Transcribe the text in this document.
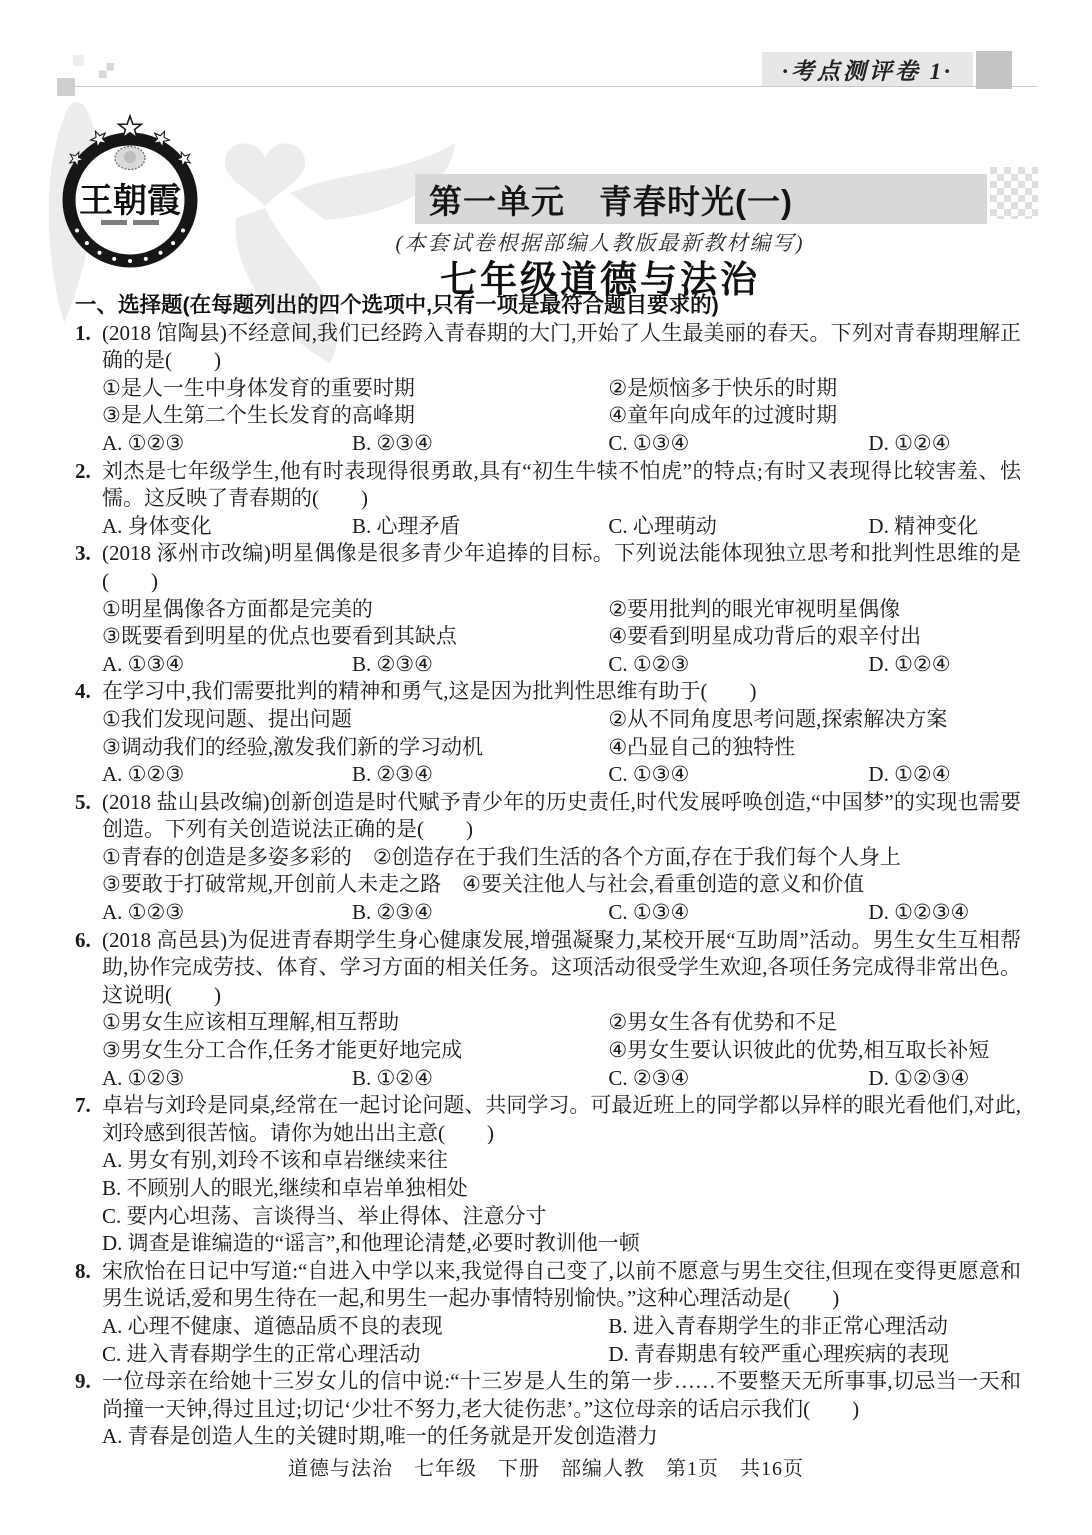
·考点测评卷 1·
王朝霞	第一单元　青春时光(一)
(本套试卷根据部编人教版最新教材编写)
七年级道德与法治
一、选择题(在每题列出的四个选项中,只有一项是最符合题目要求的)
1. (2018 馆陶县)不经意间,我们已经跨入青春期的大门,开始了人生最美丽的春天。下列对青春期理解正确的是(　　)
①是人一生中身体发育的重要时期	②是烦恼多于快乐的时期
③是人生第二个生长发育的高峰期	④童年向成年的过渡时期
A. ①②③	B. ②③④	C. ①③④	D. ①②④
2. 刘杰是七年级学生,他有时表现得很勇敢,具有“初生牛犊不怕虎”的特点;有时又表现得比较害羞、怯懦。这反映了青春期的(　　)
A. 身体变化	B. 心理矛盾	C. 心理萌动	D. 精神变化
3. (2018 涿州市改编)明星偶像是很多青少年追捧的目标。下列说法能体现独立思考和批判性思维的是(　　)
①明星偶像各方面都是完美的	②要用批判的眼光审视明星偶像
③既要看到明星的优点也要看到其缺点	④要看到明星成功背后的艰辛付出
A. ①③④	B. ②③④	C. ①②③	D. ①②④
4. 在学习中,我们需要批判的精神和勇气,这是因为批判性思维有助于(　　)
①我们发现问题、提出问题	②从不同角度思考问题,探索解决方案
③调动我们的经验,激发我们新的学习动机	④凸显自己的独特性
A. ①②③	B. ②③④	C. ①③④	D. ①②④
5. (2018 盐山县改编)创新创造是时代赋予青少年的历史责任,时代发展呼唤创造,“中国梦”的实现也需要创造。下列有关创造说法正确的是(　　)
①青春的创造是多姿多彩的　②创造存在于我们生活的各个方面,存在于我们每个人身上
③要敢于打破常规,开创前人未走之路　④要关注他人与社会,看重创造的意义和价值
A. ①②③	B. ②③④	C. ①③④	D. ①②③④
6. (2018 高邑县)为促进青春期学生身心健康发展,增强凝聚力,某校开展“互助周”活动。男生女生互相帮助,协作完成劳技、体育、学习方面的相关任务。这项活动很受学生欢迎,各项任务完成得非常出色。这说明(　　)
①男女生应该相互理解,相互帮助	②男女生各有优势和不足
③男女生分工合作,任务才能更好地完成	④男女生要认识彼此的优势,相互取长补短
A. ①②③	B. ①②④	C. ②③④	D. ①②③④
7. 卓岩与刘玲是同桌,经常在一起讨论问题、共同学习。可最近班上的同学都以异样的眼光看他们,对此,刘玲感到很苦恼。请你为她出出主意(　　)
A. 男女有别,刘玲不该和卓岩继续来往
B. 不顾别人的眼光,继续和卓岩单独相处
C. 要内心坦荡、言谈得当、举止得体、注意分寸
D. 调查是谁编造的“谣言”,和他理论清楚,必要时教训他一顿
8. 宋欣怡在日记中写道:“自进入中学以来,我觉得自己变了,以前不愿意与男生交往,但现在变得更愿意和男生说话,爱和男生待在一起,和男生一起办事情特别愉快。”这种心理活动是(　　)
A. 心理不健康、道德品质不良的表现	B. 进入青春期学生的非正常心理活动
C. 进入青春期学生的正常心理活动	D. 青春期患有较严重心理疾病的表现
9. 一位母亲在给她十三岁女儿的信中说:“十三岁是人生的第一步……不要整天无所事事,切忌当一天和尚撞一天钟,得过且过;切记‘少壮不努力,老大徒伤悲’。”这位母亲的话启示我们(　　)
A. 青春是创造人生的关键时期,唯一的任务就是开发创造潜力
道德与法治　七年级　下册　部编人教　第1页　共16页
